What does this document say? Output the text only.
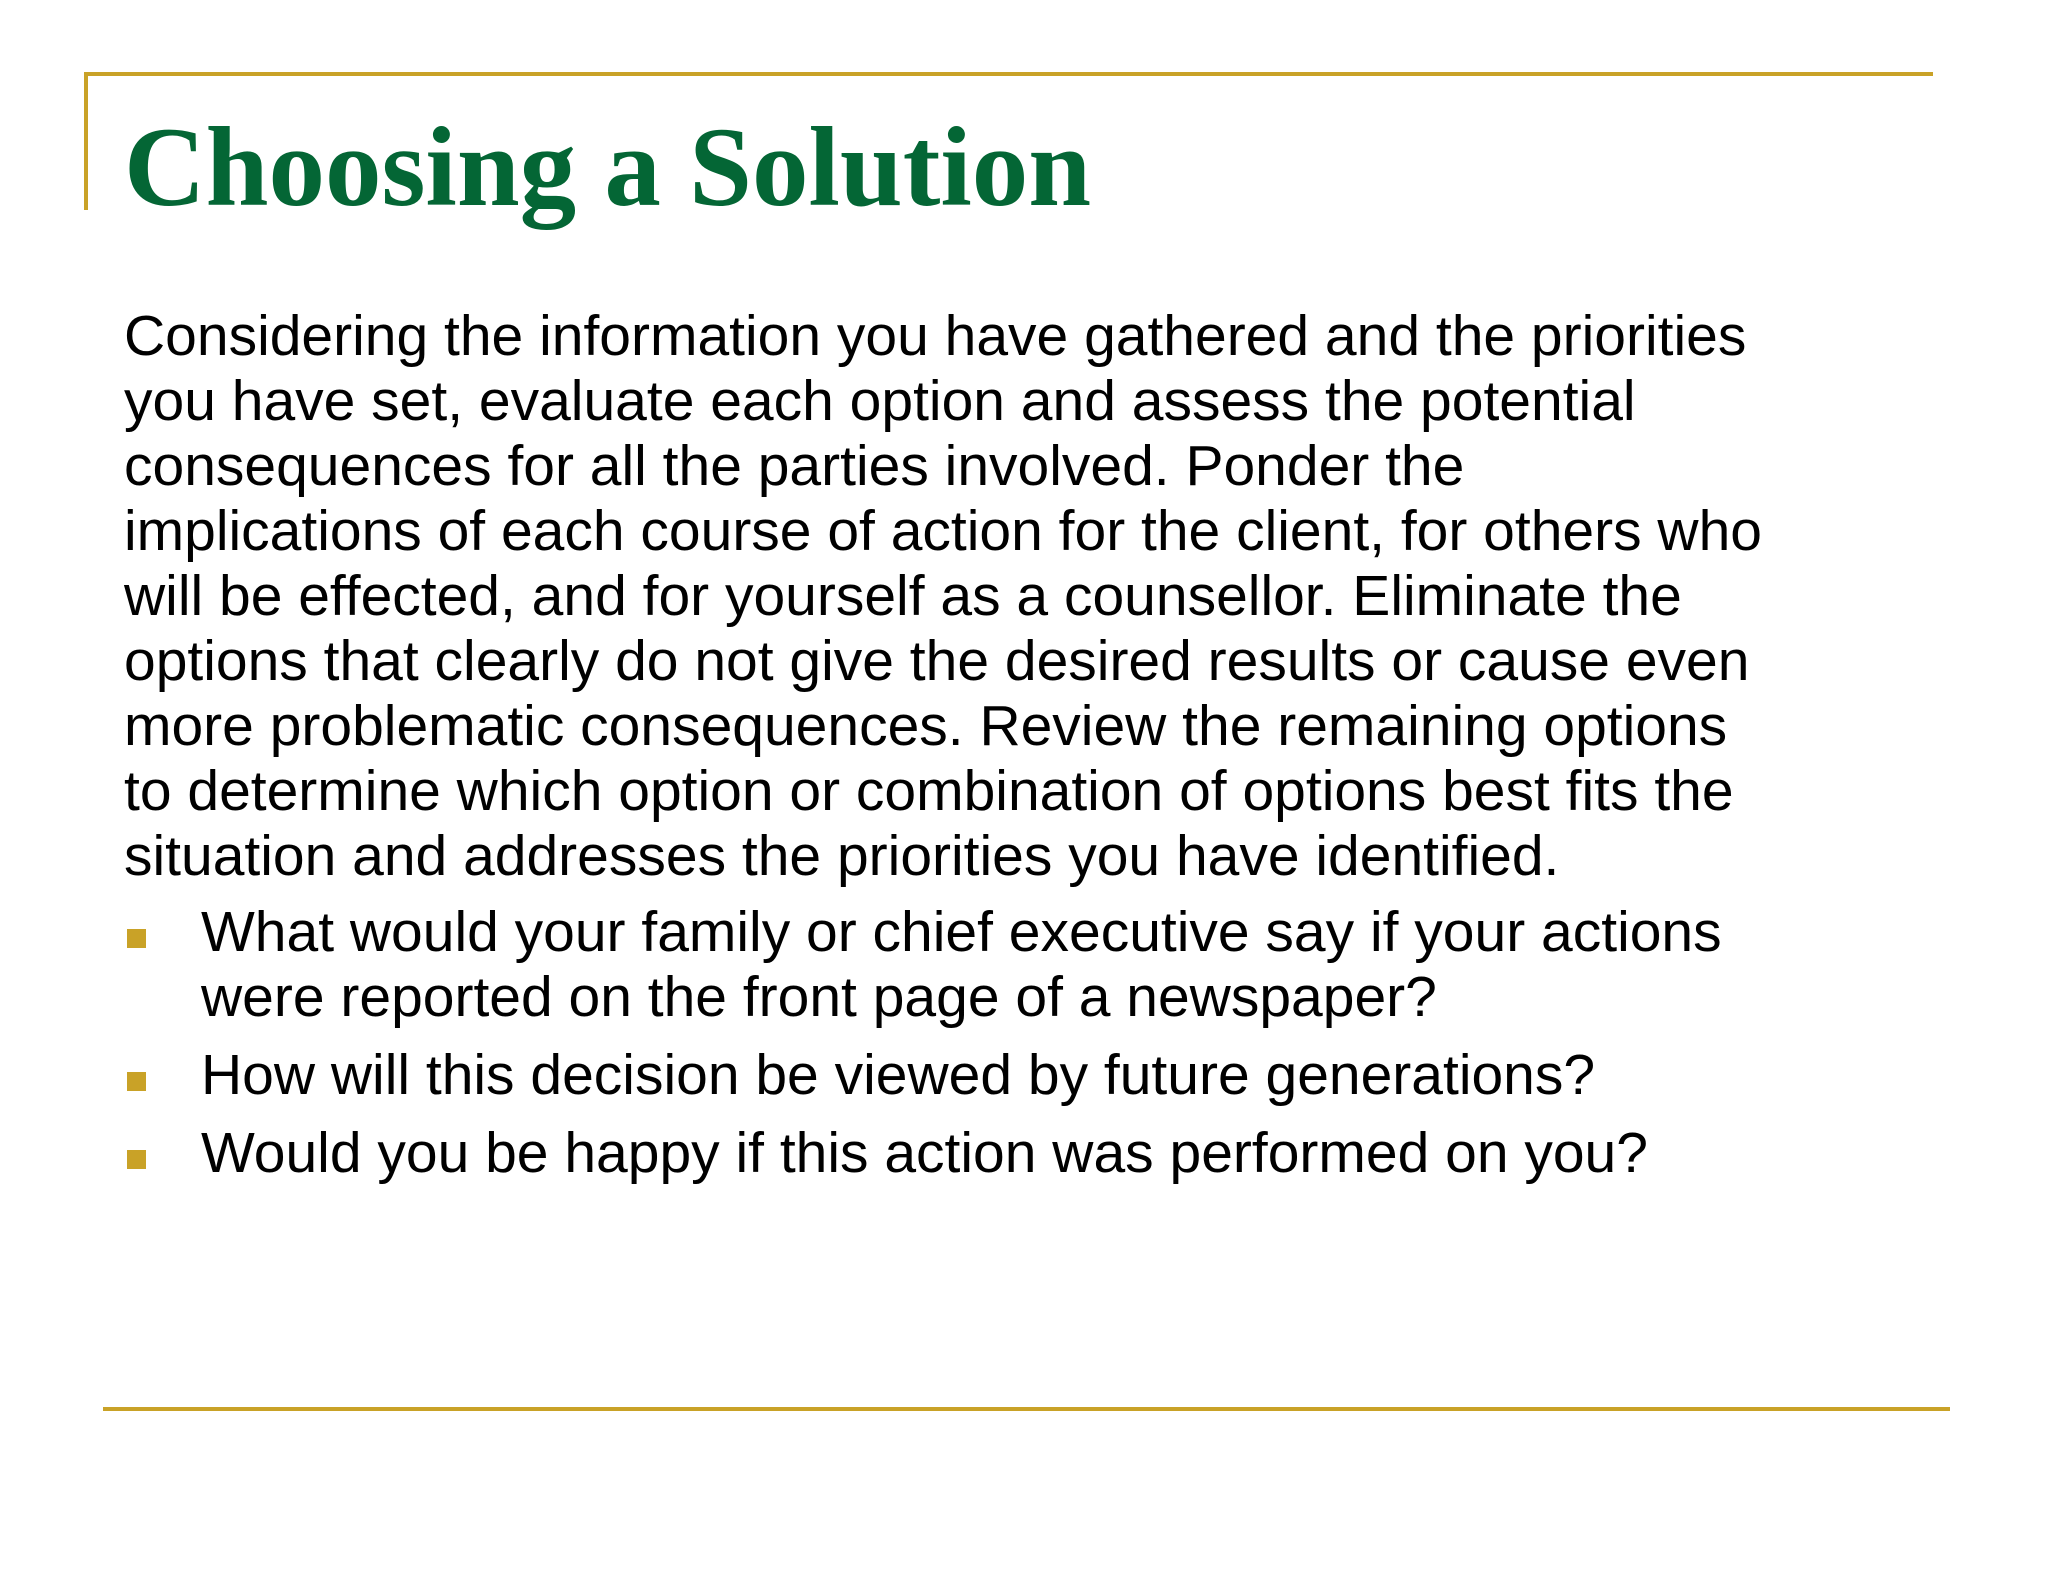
Choosing a Solution

Considering the information you have gathered and the priorities
you have set, evaluate each option and assess the potential
consequences for all the parties involved. Ponder the
implications of each course of action for the client, for others who
will be effected, and for yourself as a counsellor. Eliminate the
options that clearly do not give the desired results or cause even
more problematic consequences. Review the remaining options
to determine which option or combination of options best fits the
situation and addresses the priorities you have identified.

What would your family or chief executive say if your actions
were reported on the front page of a newspaper?
How will this decision be viewed by future generations?
Would you be happy if this action was performed on you?
